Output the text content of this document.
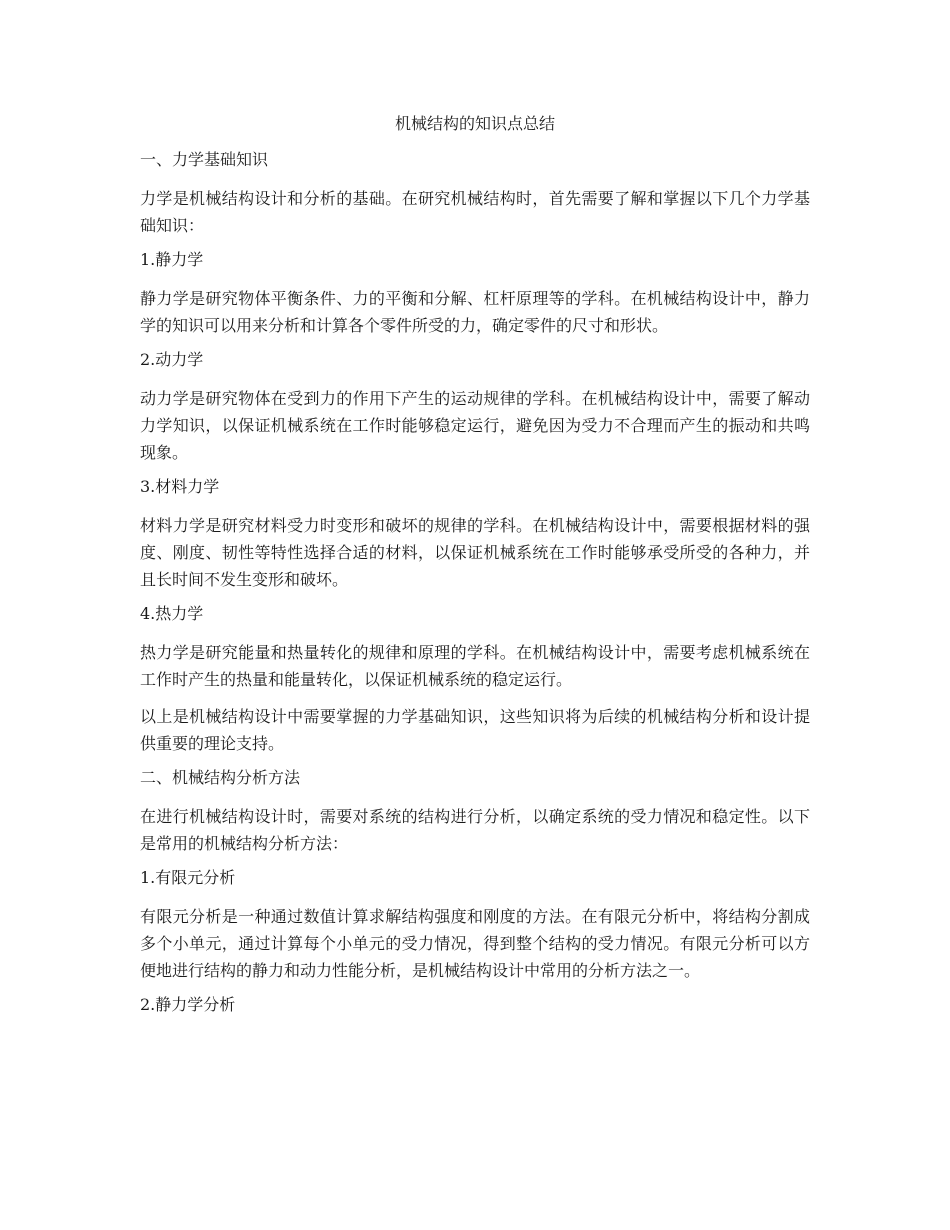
机械结构的知识点总结
一、力学基础知识
力学是机械结构设计和分析的基础。在研究机械结构时，首先需要了解和掌握以下几个力学基础知识：
1.静力学
静力学是研究物体平衡条件、力的平衡和分解、杠杆原理等的学科。在机械结构设计中，静力学的知识可以用来分析和计算各个零件所受的力，确定零件的尺寸和形状。
2.动力学
动力学是研究物体在受到力的作用下产生的运动规律的学科。在机械结构设计中，需要了解动力学知识，以保证机械系统在工作时能够稳定运行，避免因为受力不合理而产生的振动和共鸣现象。
3.材料力学
材料力学是研究材料受力时变形和破坏的规律的学科。在机械结构设计中，需要根据材料的强度、刚度、韧性等特性选择合适的材料，以保证机械系统在工作时能够承受所受的各种力，并且长时间不发生变形和破坏。
4.热力学
热力学是研究能量和热量转化的规律和原理的学科。在机械结构设计中，需要考虑机械系统在工作时产生的热量和能量转化，以保证机械系统的稳定运行。
以上是机械结构设计中需要掌握的力学基础知识，这些知识将为后续的机械结构分析和设计提供重要的理论支持。
二、机械结构分析方法
在进行机械结构设计时，需要对系统的结构进行分析，以确定系统的受力情况和稳定性。以下是常用的机械结构分析方法：
1.有限元分析
有限元分析是一种通过数值计算求解结构强度和刚度的方法。在有限元分析中，将结构分割成多个小单元，通过计算每个小单元的受力情况，得到整个结构的受力情况。有限元分析可以方便地进行结构的静力和动力性能分析，是机械结构设计中常用的分析方法之一。
2.静力学分析
